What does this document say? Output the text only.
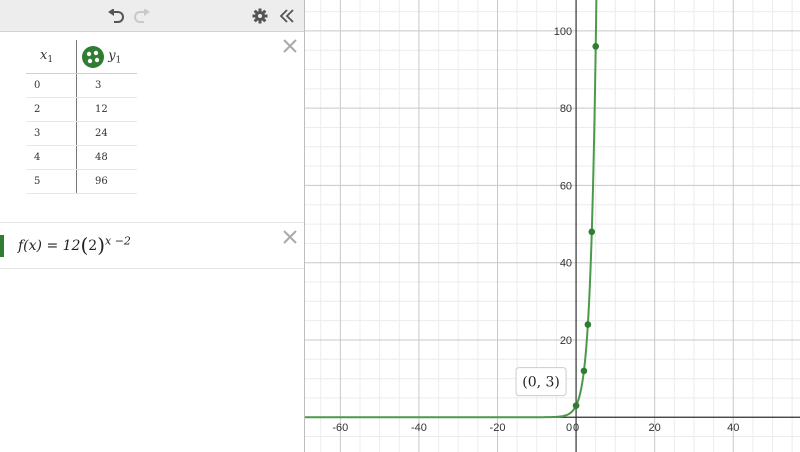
x1	y1
0	3
2	12
3	24
4	48
5	96
$f(x) = 12(2)^{x -2}$
-60	-40	-20	0	20	40
100
80
60
40
20
0
(0, 3)
